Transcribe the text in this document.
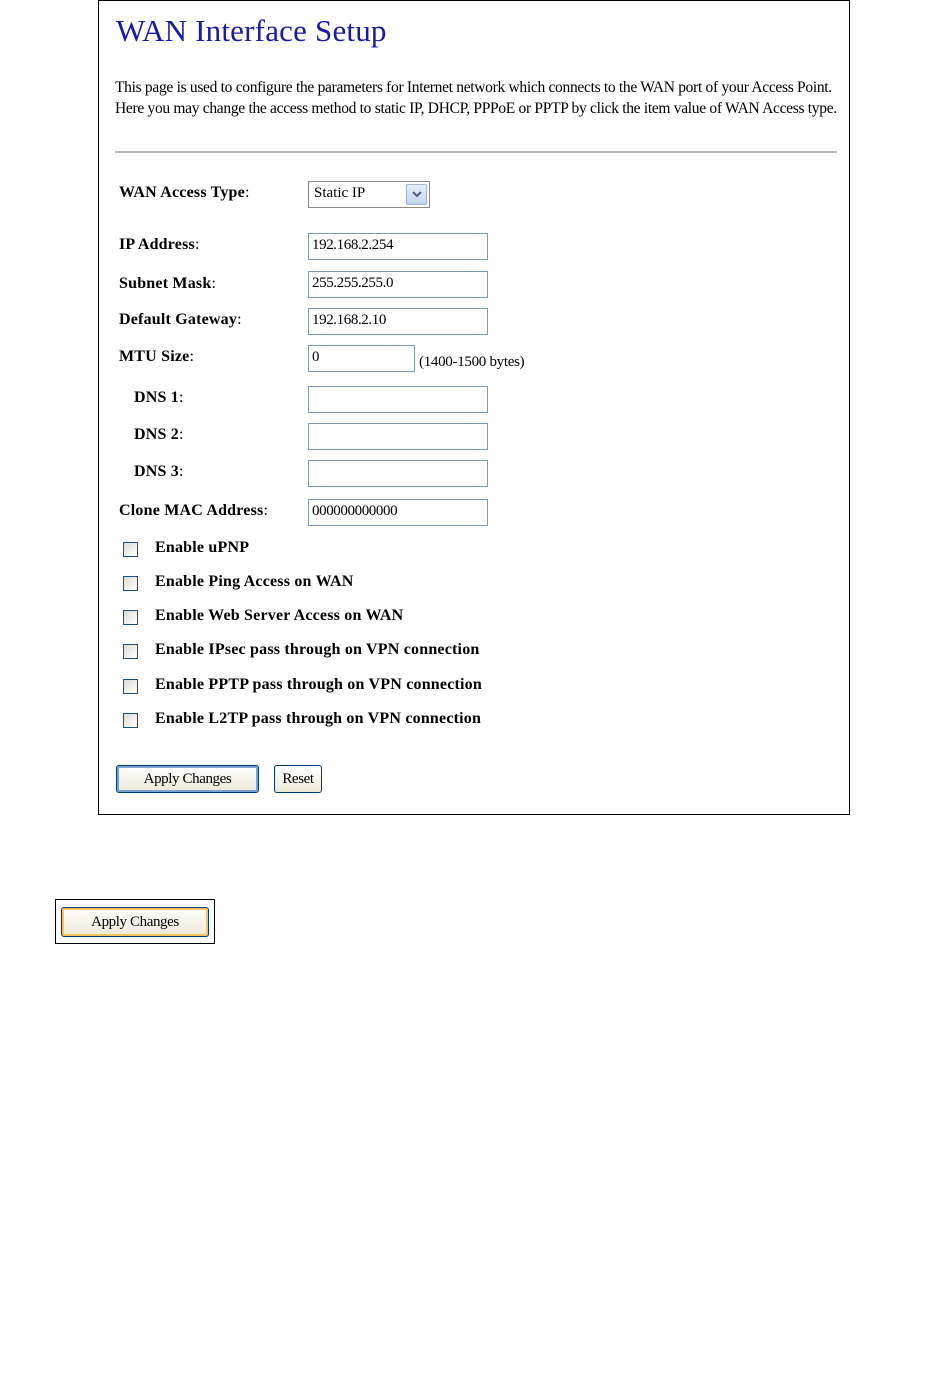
WAN Interface Setup

This page is used to configure the parameters for Internet network which connects to the WAN port of your Access Point. Here you may change the access method to static IP, DHCP, PPPoE or PPTP by click the item value of WAN Access type.

WAN Access Type:	Static IP
IP Address:	192.168.2.254
Subnet Mask:	255.255.255.0
Default Gateway:	192.168.2.10
MTU Size:	0	(1400-1500 bytes)
DNS 1:
DNS 2:
DNS 3:
Clone MAC Address:	000000000000
Enable uPNP
Enable Ping Access on WAN
Enable Web Server Access on WAN
Enable IPsec pass through on VPN connection
Enable PPTP pass through on VPN connection
Enable L2TP pass through on VPN connection
Apply Changes	Reset
Apply Changes
